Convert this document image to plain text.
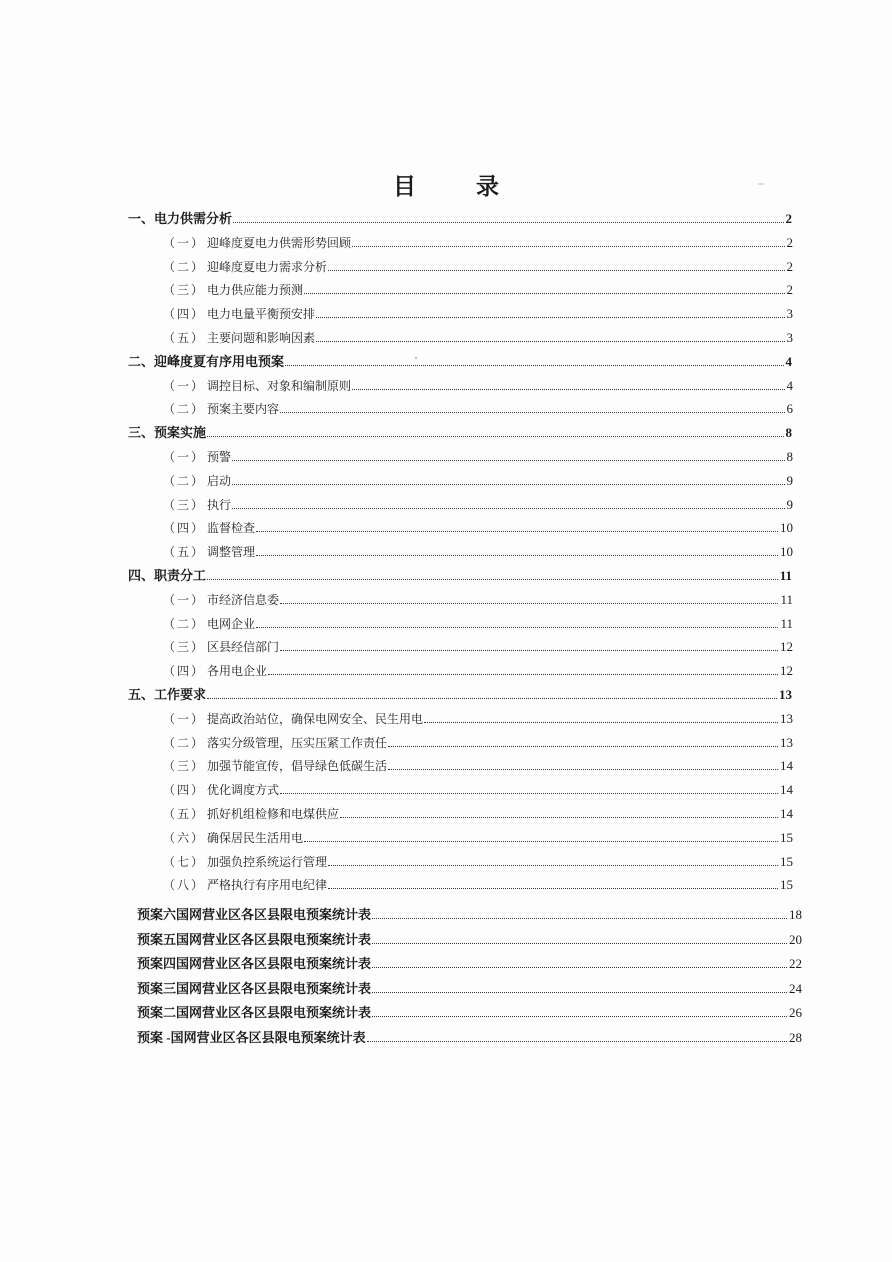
目 录
一、电力供需分析	2
（一） 迎峰度夏电力供需形势回顾	2
（二） 迎峰度夏电力需求分析	2
（三） 电力供应能力预测	2
（四） 电力电量平衡预安排	3
（五） 主要问题和影响因素	3
二、迎峰度夏有序用电预案	4
（一） 调控目标、对象和编制原则	4
（二） 预案主要内容	6
三、预案实施	8
（一） 预警	8
（二） 启动	9
（三） 执行	9
（四） 监督检查	10
（五） 调整管理	10
四、职责分工	11
（一） 市经济信息委	11
（二） 电网企业	11
（三） 区县经信部门	12
（四） 各用电企业	12
五、工作要求	13
（一） 提高政治站位，确保电网安全、民生用电	13
（二） 落实分级管理，压实压紧工作责任	13
（三） 加强节能宣传，倡导绿色低碳生活	14
（四） 优化调度方式	14
（五） 抓好机组检修和电煤供应	14
（六） 确保居民生活用电	15
（七） 加强负控系统运行管理	15
（八） 严格执行有序用电纪律	15
预案六国网营业区各区县限电预案统计表	18
预案五国网营业区各区县限电预案统计表	20
预案四国网营业区各区县限电预案统计表	22
预案三国网营业区各区县限电预案统计表	24
预案二国网营业区各区县限电预案统计表	26
预案 -国网营业区各区县限电预案统计表	28
